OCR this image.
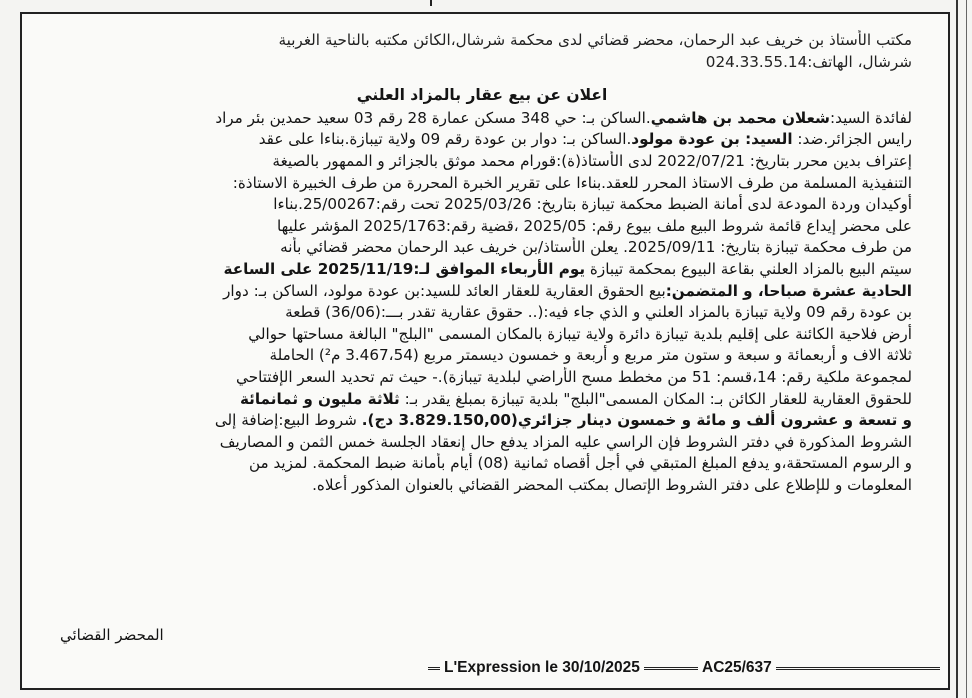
مكتب الأستاذ بن خريف عبد الرحمان، محضر قضائي لدى محكمة شرشال،الكائن مكتبه بالناحية الغربية
شرشال، الهاتف:024.33.55.14
اعلان عن بيع عقار بالمزاد العلني
لفائدة السيد:شعلان محمد بن هاشمي.الساكن بـ: حي 348 مسكن عمارة 28 رقم 03 سعيد حمدين بئر مراد
رايس الجزائر.ضد: السيد: بن عودة مولود.الساكن بـ: دوار بن عودة رقم 09 ولاية تيبازة.بناءا على عقد
إعتراف بدين محرر بتاريخ: 2022/07/21 لدى الأستاذ(ة):قورام محمد موثق بالجزائر و الممهور بالصيغة
التنفيذية المسلمة من طرف الاستاذ المحرر للعقد.بناءا على تقرير الخبرة المحررة من طرف الخبيرة الاستاذة:
أوكيدان وردة المودعة لدى أمانة الضبط محكمة تيبازة بتاريخ: 2025/03/26 تحت رقم:25/00267.بناءا
على محضر إيداع قائمة شروط البيع ملف بيوع رقم: 2025/05 ،قضية رقم:2025/1763 المؤشر عليها
من طرف محكمة تيبازة بتاريخ: 2025/09/11. يعلن الأستاذ/بن خريف عبد الرحمان محضر قضائي بأنه
سيتم البيع بالمزاد العلني بقاعة البيوع بمحكمة تيبازة يوم الأربعاء الموافق لـ:2025/11/19 على الساعة
الحادية عشرة صباحا، و المتضمن:بيع الحقوق العقارية للعقار العائد للسيد:بن عودة مولود، الساكن بـ: دوار
بن عودة رقم 09 ولاية تيبازة بالمزاد العلني و الذي جاء فيه:(.. حقوق عقارية تقدر بـــ:(36/06) قطعة
أرض فلاحية الكائنة على إقليم بلدية تيبازة دائرة ولاية تيبازة بالمكان المسمى "البلج" البالغة مساحتها حوالي
ثلاثة الاف و أربعمائة و سبعة و ستون متر مربع و أربعة و خمسون ديسمتر مربع (3.467،54 م²) الحاملة
لمجموعة ملكية رقم: 14،قسم: 51 من مخطط مسح الأراضي لبلدية تيبازة).- حيث تم تحديد السعر الإفتتاحي
للحقوق العقارية للعقار الكائن بـ: المكان المسمى"البلج" بلدية تيبازة بمبلغ يقدر بـ: ثلاثة مليون و ثمانمائة
و تسعة و عشرون ألف و مائة و خمسون دينار جزائري(3.829.150,00 دج). شروط البيع:إضافة إلى
الشروط المذكورة في دفتر الشروط فإن الراسي عليه المزاد يدفع حال إنعقاد الجلسة خمس الثمن و المصاريف
و الرسوم المستحقة،و يدفع المبلغ المتبقي في أجل أقصاه ثمانية (08) أيام بأمانة ضبط المحكمة. لمزيد من
المعلومات و للإطلاع على دفتر الشروط الإتصال بمكتب المحضر القضائي بالعنوان المذكور أعلاه.
المحضر القضائي
L'Expression le 30/10/2025	AC25/637
